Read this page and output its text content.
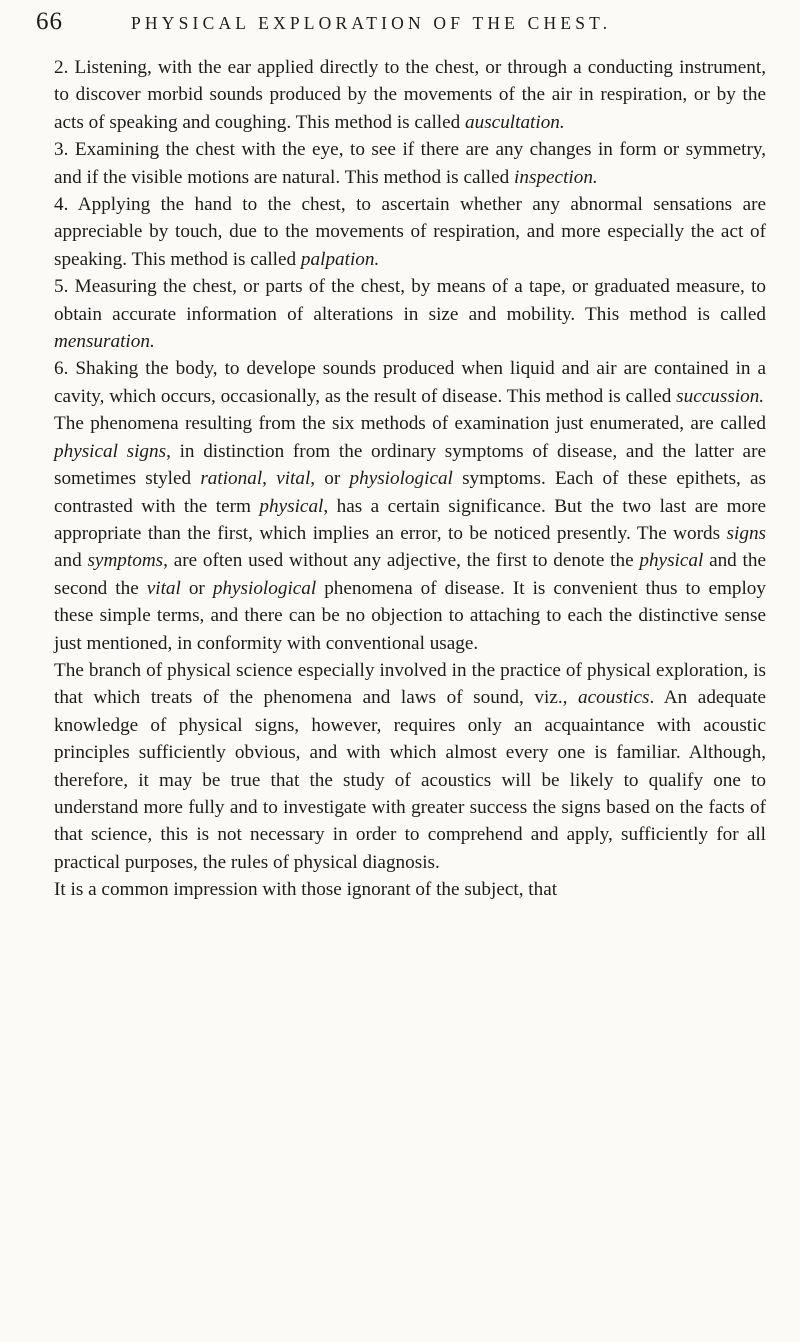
66	PHYSICAL EXPLORATION OF THE CHEST.

2. Listening, with the ear applied directly to the chest, or through a conducting instrument, to discover morbid sounds produced by the movements of the air in respiration, or by the acts of speaking and coughing. This method is called auscultation.

3. Examining the chest with the eye, to see if there are any changes in form or symmetry, and if the visible motions are natural. This method is called inspection.

4. Applying the hand to the chest, to ascertain whether any abnormal sensations are appreciable by touch, due to the movements of respiration, and more especially the act of speaking. This method is called palpation.

5. Measuring the chest, or parts of the chest, by means of a tape, or graduated measure, to obtain accurate information of alterations in size and mobility. This method is called mensuration.

6. Shaking the body, to develope sounds produced when liquid and air are contained in a cavity, which occurs, occasionally, as the result of disease. This method is called succussion.

The phenomena resulting from the six methods of examination just enumerated, are called physical signs, in distinction from the ordinary symptoms of disease, and the latter are sometimes styled rational, vital, or physiological symptoms. Each of these epithets, as contrasted with the term physical, has a certain significance. But the two last are more appropriate than the first, which implies an error, to be noticed presently. The words signs and symptoms, are often used without any adjective, the first to denote the physical and the second the vital or physiological phenomena of disease. It is convenient thus to employ these simple terms, and there can be no objection to attaching to each the distinctive sense just mentioned, in conformity with conventional usage.

The branch of physical science especially involved in the practice of physical exploration, is that which treats of the phenomena and laws of sound, viz., acoustics. An adequate knowledge of physical signs, however, requires only an acquaintance with acoustic principles sufficiently obvious, and with which almost every one is familiar. Although, therefore, it may be true that the study of acoustics will be likely to qualify one to understand more fully and to investigate with greater success the signs based on the facts of that science, this is not necessary in order to comprehend and apply, sufficiently for all practical purposes, the rules of physical diagnosis.

It is a common impression with those ignorant of the subject, that
